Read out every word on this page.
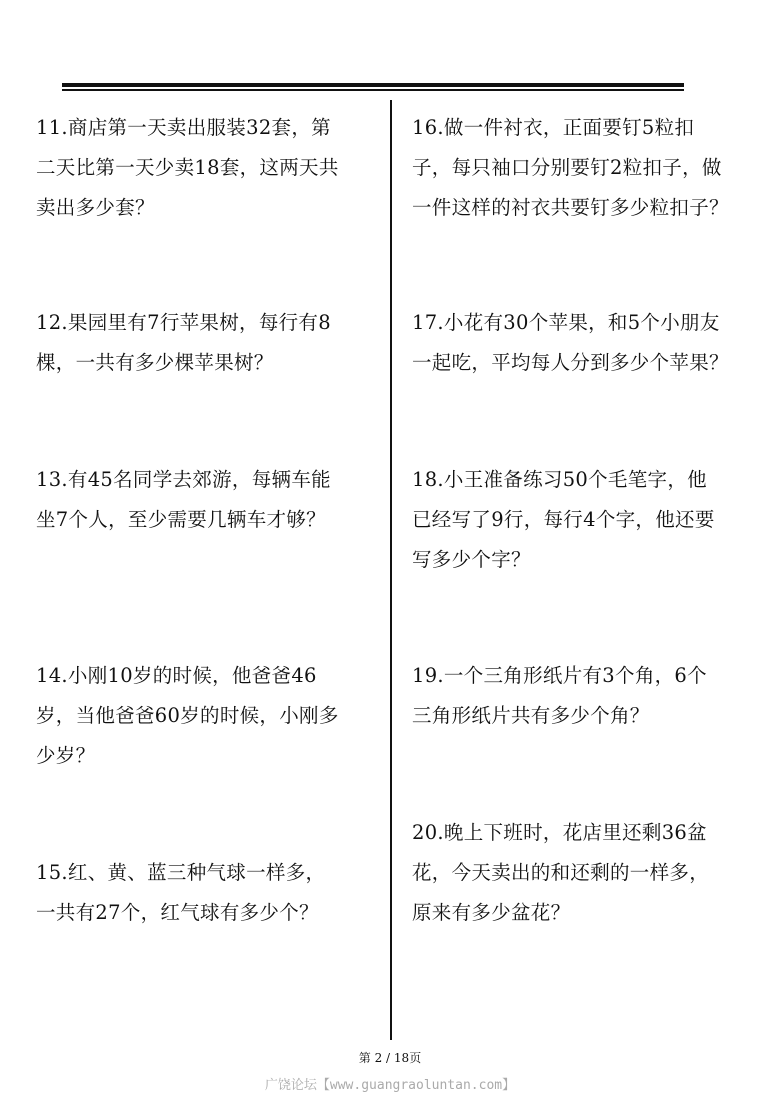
11.商店第一天卖出服装32套，第
二天比第一天少卖18套，这两天共
卖出多少套？
12.果园里有7行苹果树，每行有8
棵，一共有多少棵苹果树？
13.有45名同学去郊游，每辆车能
坐7个人，至少需要几辆车才够？
14.小刚10岁的时候，他爸爸46
岁，当他爸爸60岁的时候，小刚多
少岁？
15.红、黄、蓝三种气球一样多，
一共有27个，红气球有多少个？
16.做一件衬衣，正面要钉5粒扣
子，每只袖口分别要钉2粒扣子，做
一件这样的衬衣共要钉多少粒扣子？
17.小花有30个苹果，和5个小朋友
一起吃，平均每人分到多少个苹果？
18.小王准备练习50个毛笔字，他
已经写了9行，每行4个字，他还要
写多少个字？
19.一个三角形纸片有3个角，6个
三角形纸片共有多少个角？
20.晚上下班时，花店里还剩36盆
花，今天卖出的和还剩的一样多，
原来有多少盆花？
第 2 / 18页
广饶论坛【www.guangraoluntan.com】
